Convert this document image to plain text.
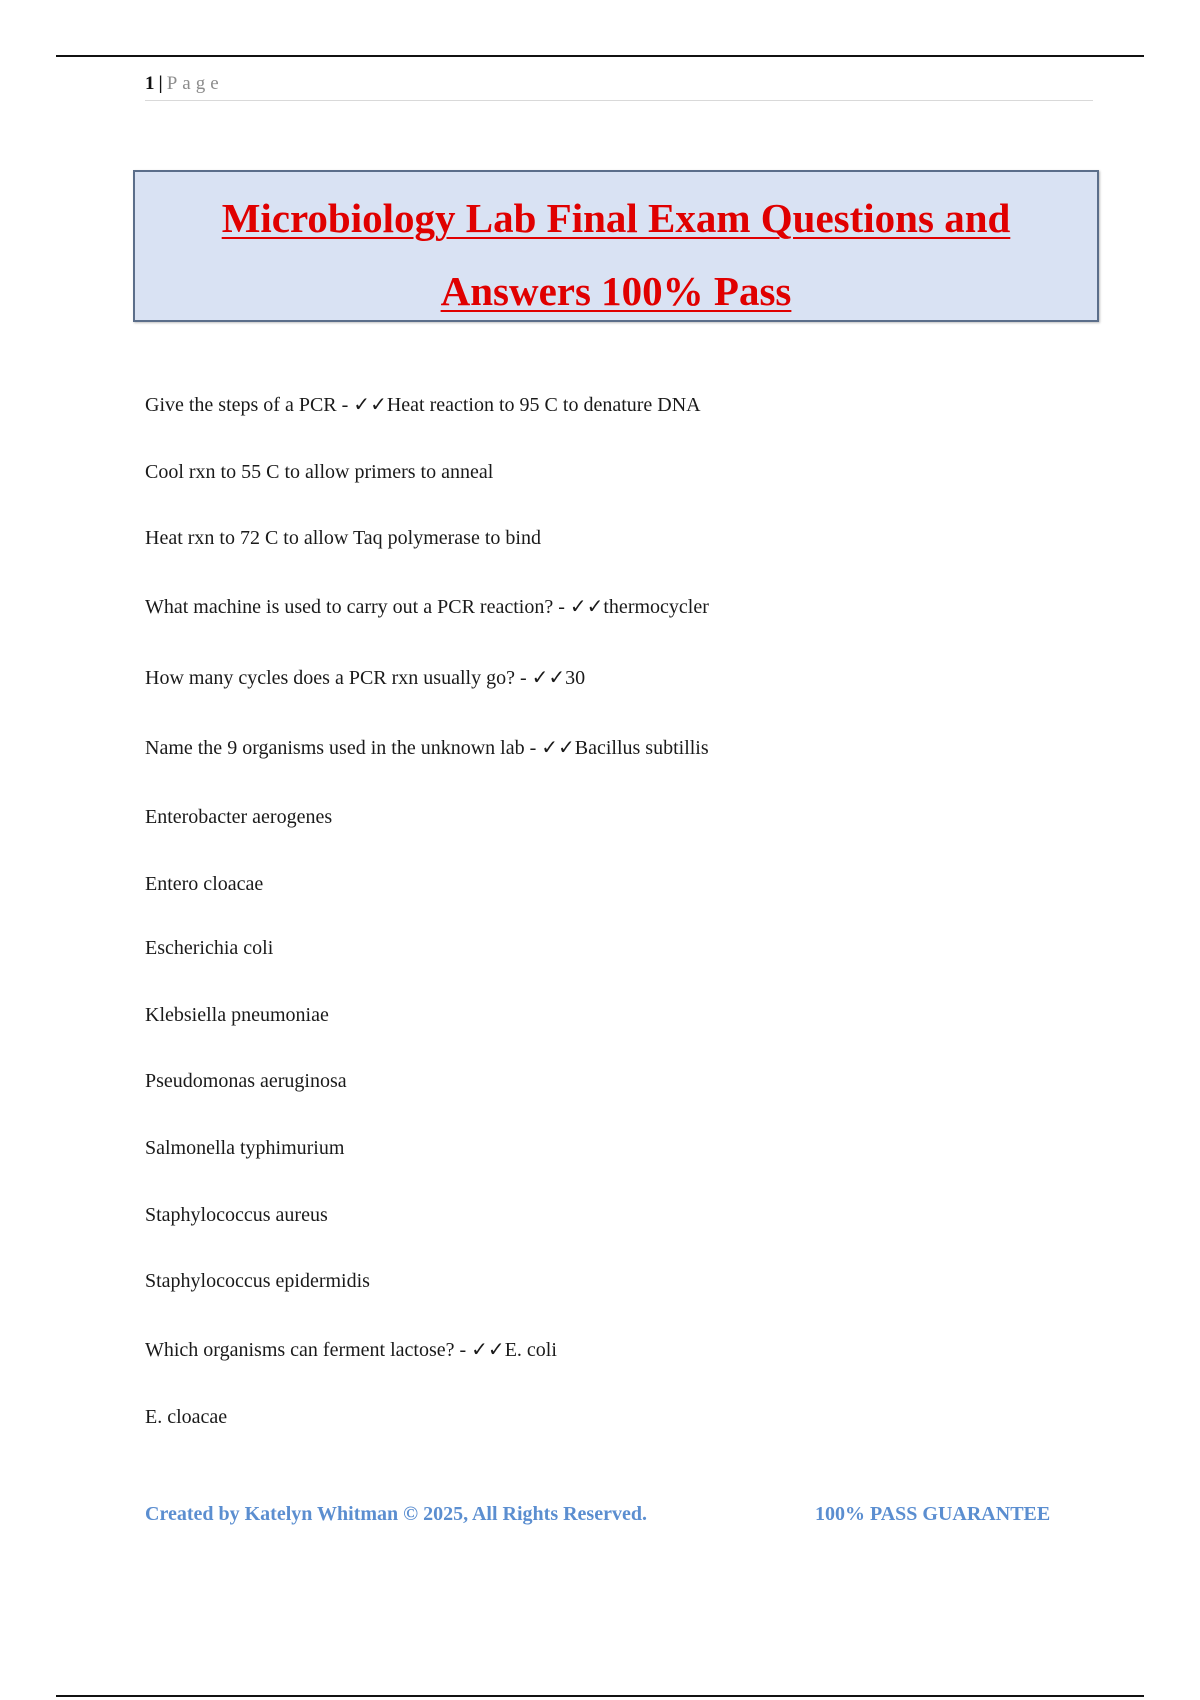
1 | Page
Microbiology Lab Final Exam Questions and
Answers 100% Pass
Give the steps of a PCR - ✓✓Heat reaction to 95 C to denature DNA
Cool rxn to 55 C to allow primers to anneal
Heat rxn to 72 C to allow Taq polymerase to bind
What machine is used to carry out a PCR reaction? - ✓✓thermocycler
How many cycles does a PCR rxn usually go? - ✓✓30
Name the 9 organisms used in the unknown lab - ✓✓Bacillus subtillis
Enterobacter aerogenes
Entero cloacae
Escherichia coli
Klebsiella pneumoniae
Pseudomonas aeruginosa
Salmonella typhimurium
Staphylococcus aureus
Staphylococcus epidermidis
Which organisms can ferment lactose? - ✓✓E. coli
E. cloacae
Created by Katelyn Whitman © 2025, All Rights Reserved.	100% PASS GUARANTEE
